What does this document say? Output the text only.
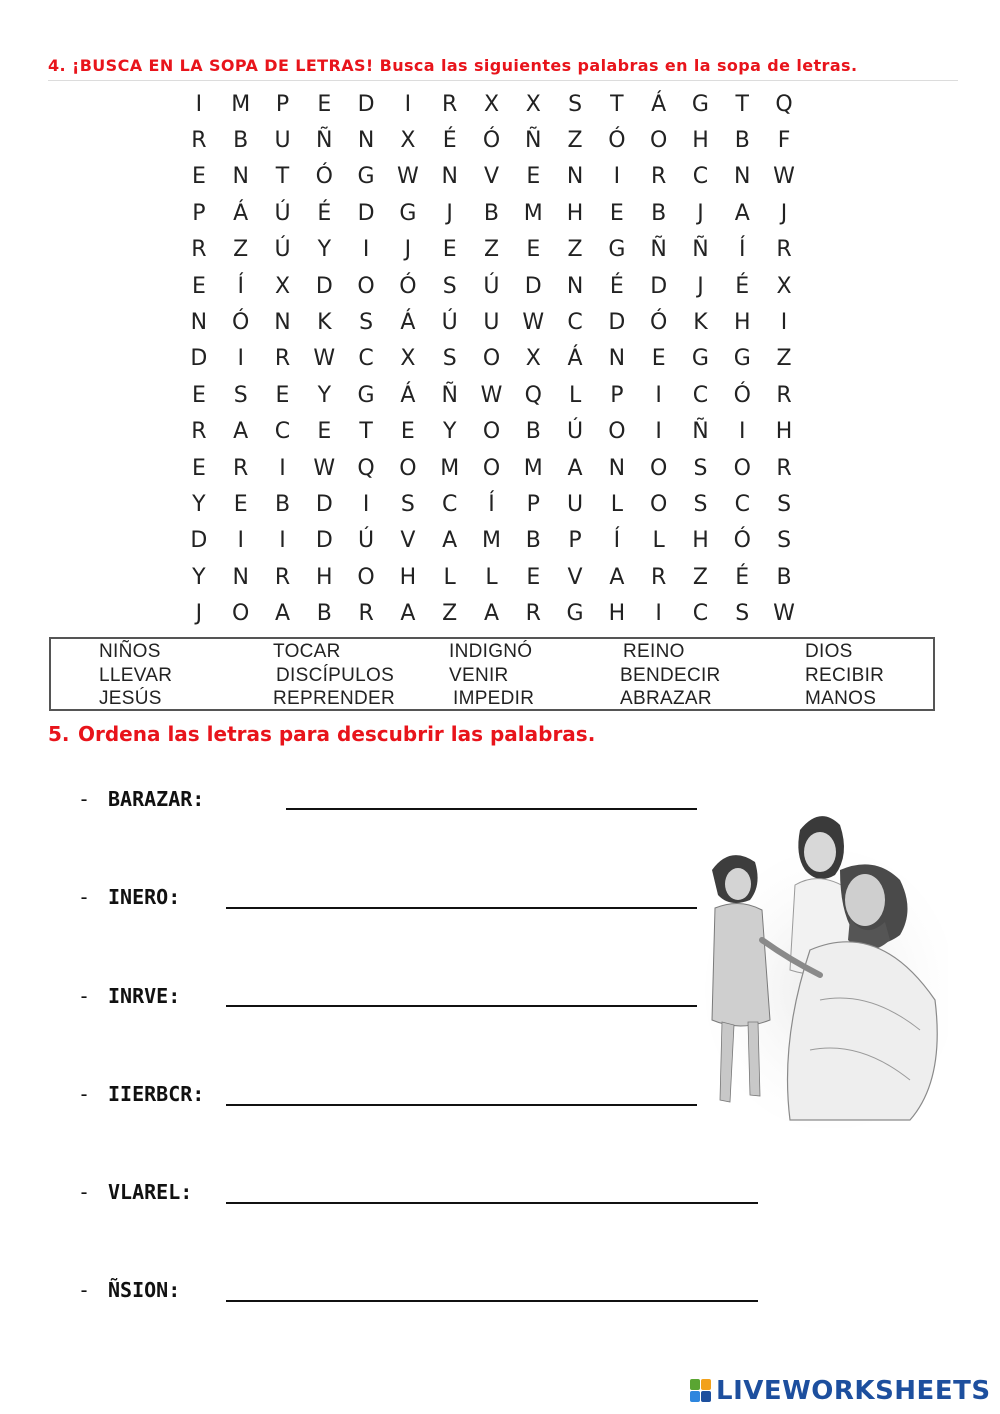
4. ¡BUSCA EN LA SOPA DE LETRAS! Busca las siguientes palabras en la sopa de letras.
I	M	P	E	D	I	R	X	X	S	T	Á	G	T	Q
R	B	U	Ñ	N	X	É	Ó	Ñ	Z	Ó	O	H	B	F
E	N	T	Ó	G	W	N	V	E	N	I	R	C	N	W
P	Á	Ú	É	D	G	J	B	M	H	E	B	J	A	J
R	Z	Ú	Y	I	J	E	Z	E	Z	G	Ñ	Ñ	Í	R
E	Í	X	D	O	Ó	S	Ú	D	N	É	D	J	É	X
N	Ó	N	K	S	Á	Ú	U	W	C	D	Ó	K	H	I
D	I	R	W	C	X	S	O	X	Á	N	E	G	G	Z
E	S	E	Y	G	Á	Ñ	W	Q	L	P	I	C	Ó	R
R	A	C	E	T	E	Y	O	B	Ú	O	I	Ñ	I	H
E	R	I	W	Q	O	M	O	M	A	N	O	S	O	R
Y	E	B	D	I	S	C	Í	P	U	L	O	S	C	S
D	I	I	D	Ú	V	A	M	B	P	Í	L	H	Ó	S
Y	N	R	H	O	H	L	L	E	V	A	R	Z	É	B
J	O	A	B	R	A	Z	A	R	G	H	I	C	S	W
NIÑOS	TOCAR	INDIGNÓ	REINO	DIOS
LLEVAR	DISCÍPULOS	VENIR	BENDECIR	RECIBIR
JESÚS	REPRENDER	IMPEDIR	ABRAZAR	MANOS
5. Ordena las letras para descubrir las palabras.
- BARAZAR:
- INERO:
- INRVE:
- IIERBCR:
- VLAREL:
- ÑSION:
LIVEWORKSHEETS
